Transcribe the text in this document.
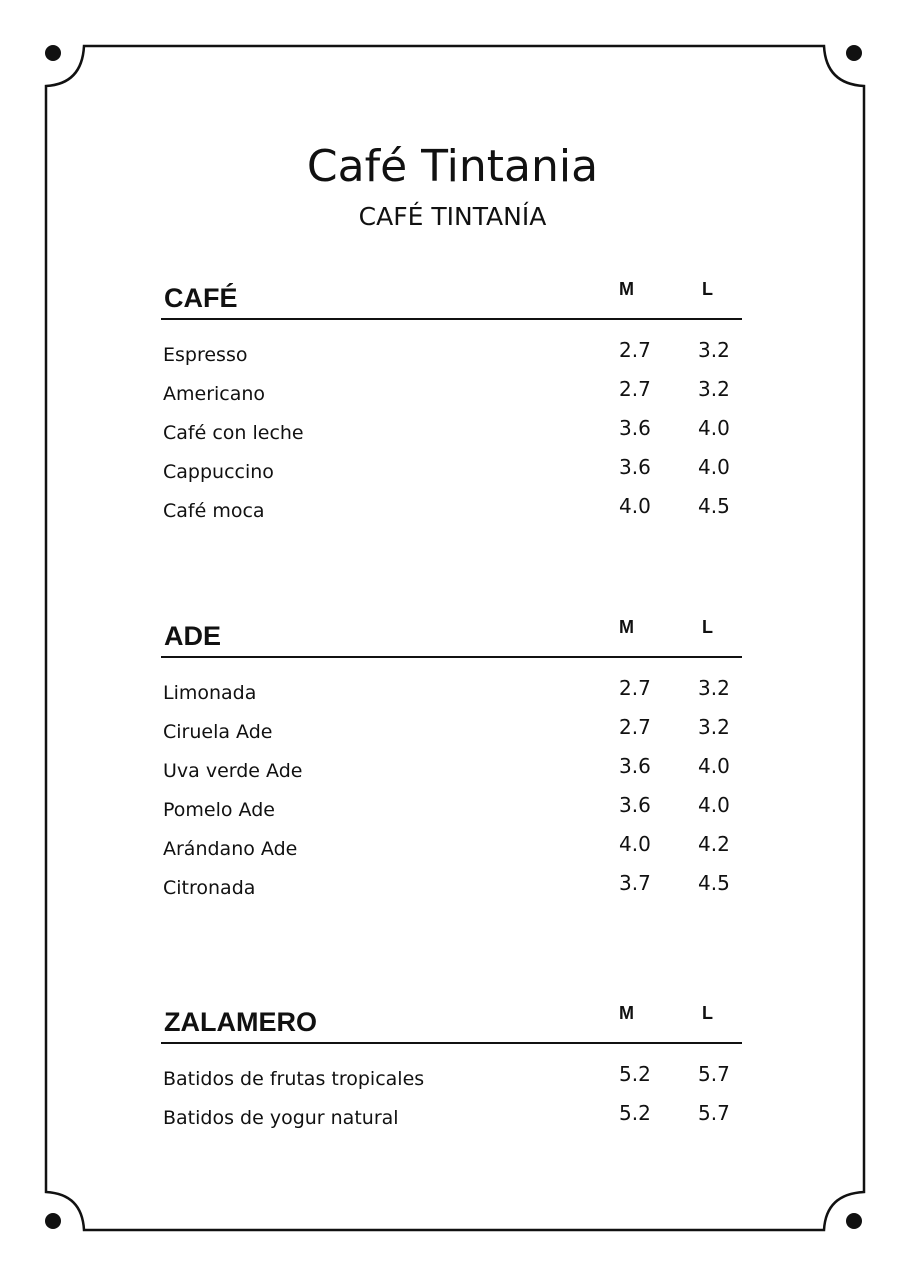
Café Tintania
CAFÉ TINTANÍA
CAFÉ	M	L
Espresso	2.7 3.2
Americano	2.7 3.2
Café con leche	3.6 4.0
Cappuccino	3.6 4.0
Café moca	4.0 4.5
ADE	M	L
Limonada	2.7 3.2
Ciruela Ade	2.7 3.2
Uva verde Ade	3.6 4.0
Pomelo Ade	3.6 4.0
Arándano Ade	4.0 4.2
Citronada	3.7 4.5
ZALAMERO	M	L
Batidos de frutas tropicales	5.2 5.7
Batidos de yogur natural	5.2 5.7
